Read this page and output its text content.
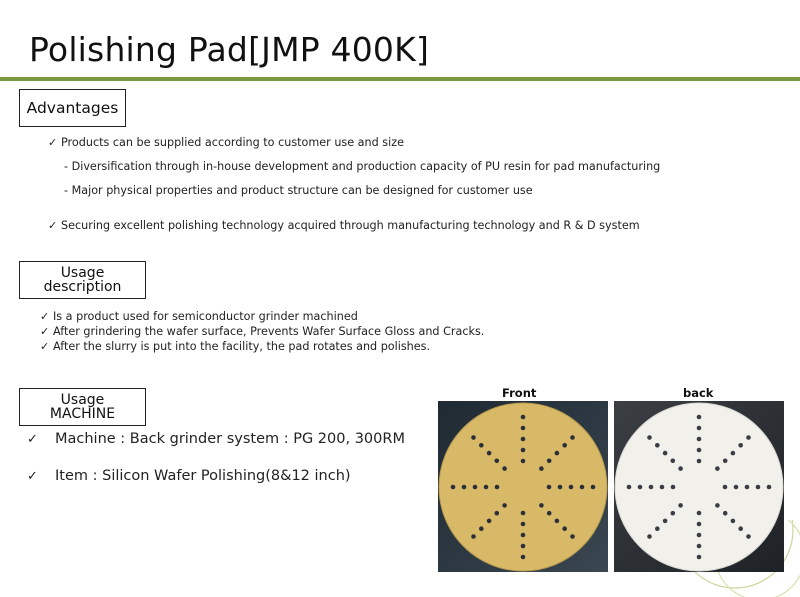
Polishing Pad[JMP 400K]
Advantages
✓ Products can be supplied according to customer use and size
- Diversification through in-house development and production capacity of PU resin for pad manufacturing
- Major physical properties and product structure can be designed for customer use
✓ Securing excellent polishing technology acquired through manufacturing technology and R & D system
Usage
description
✓ Is a product used for semiconductor grinder machined
✓ After grindering the wafer surface, Prevents Wafer Surface Gloss and Cracks.
✓ After the slurry is put into the facility, the pad rotates and polishes.
Usage
MACHINE
✓ Machine : Back grinder system : PG 200, 300RM
✓ Item : Silicon Wafer Polishing(8&12 inch)
Front	back
